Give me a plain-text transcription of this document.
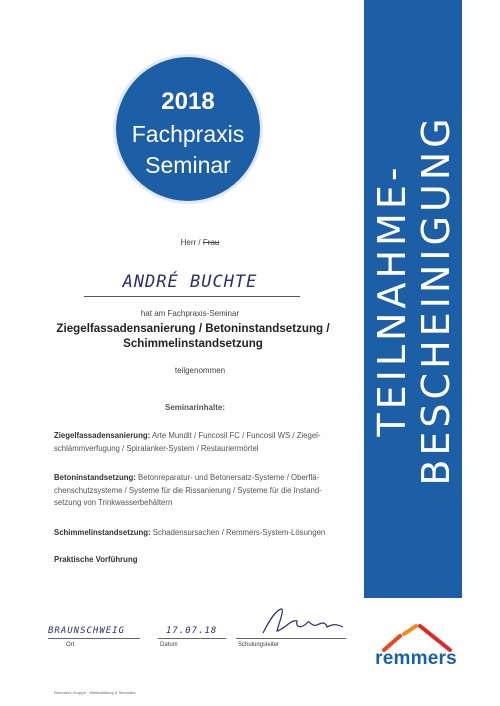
TEILNAHME- BESCHEINIGUNG
2018
Fachpraxis
Seminar
Herr / Frau
ANDRÉ BUCHTE
hat am Fachpraxis-Seminar
Ziegelfassadensanierung / Betoninstandsetzung /
Schimmelinstandsetzung
teilgenommen
Seminarinhalte:
Ziegelfassadensanierung: Arte Mundit / Funcosil FC / Funcosil WS / Ziegel-
schlämmverfugung / Spiralanker-System / Restauriermörtel
Betoninstandsetzung: Betonreparatur- und Betonersatz-Systeme / Oberflä-
chenschutzsysteme / Systeme für die Rissanierung / Systeme für die Instand-
setzung von Trinkwasserbehältern
Schimmelinstandsetzung: Schadensursachen / Remmers-System-Lösungen
Praktische Vorführung
BRAUNSCHWEIG	17.07.18
Ort	Datum	Schulungsleiter
remmers
Remmers Gruppe · Weiterbildung & Seminare
